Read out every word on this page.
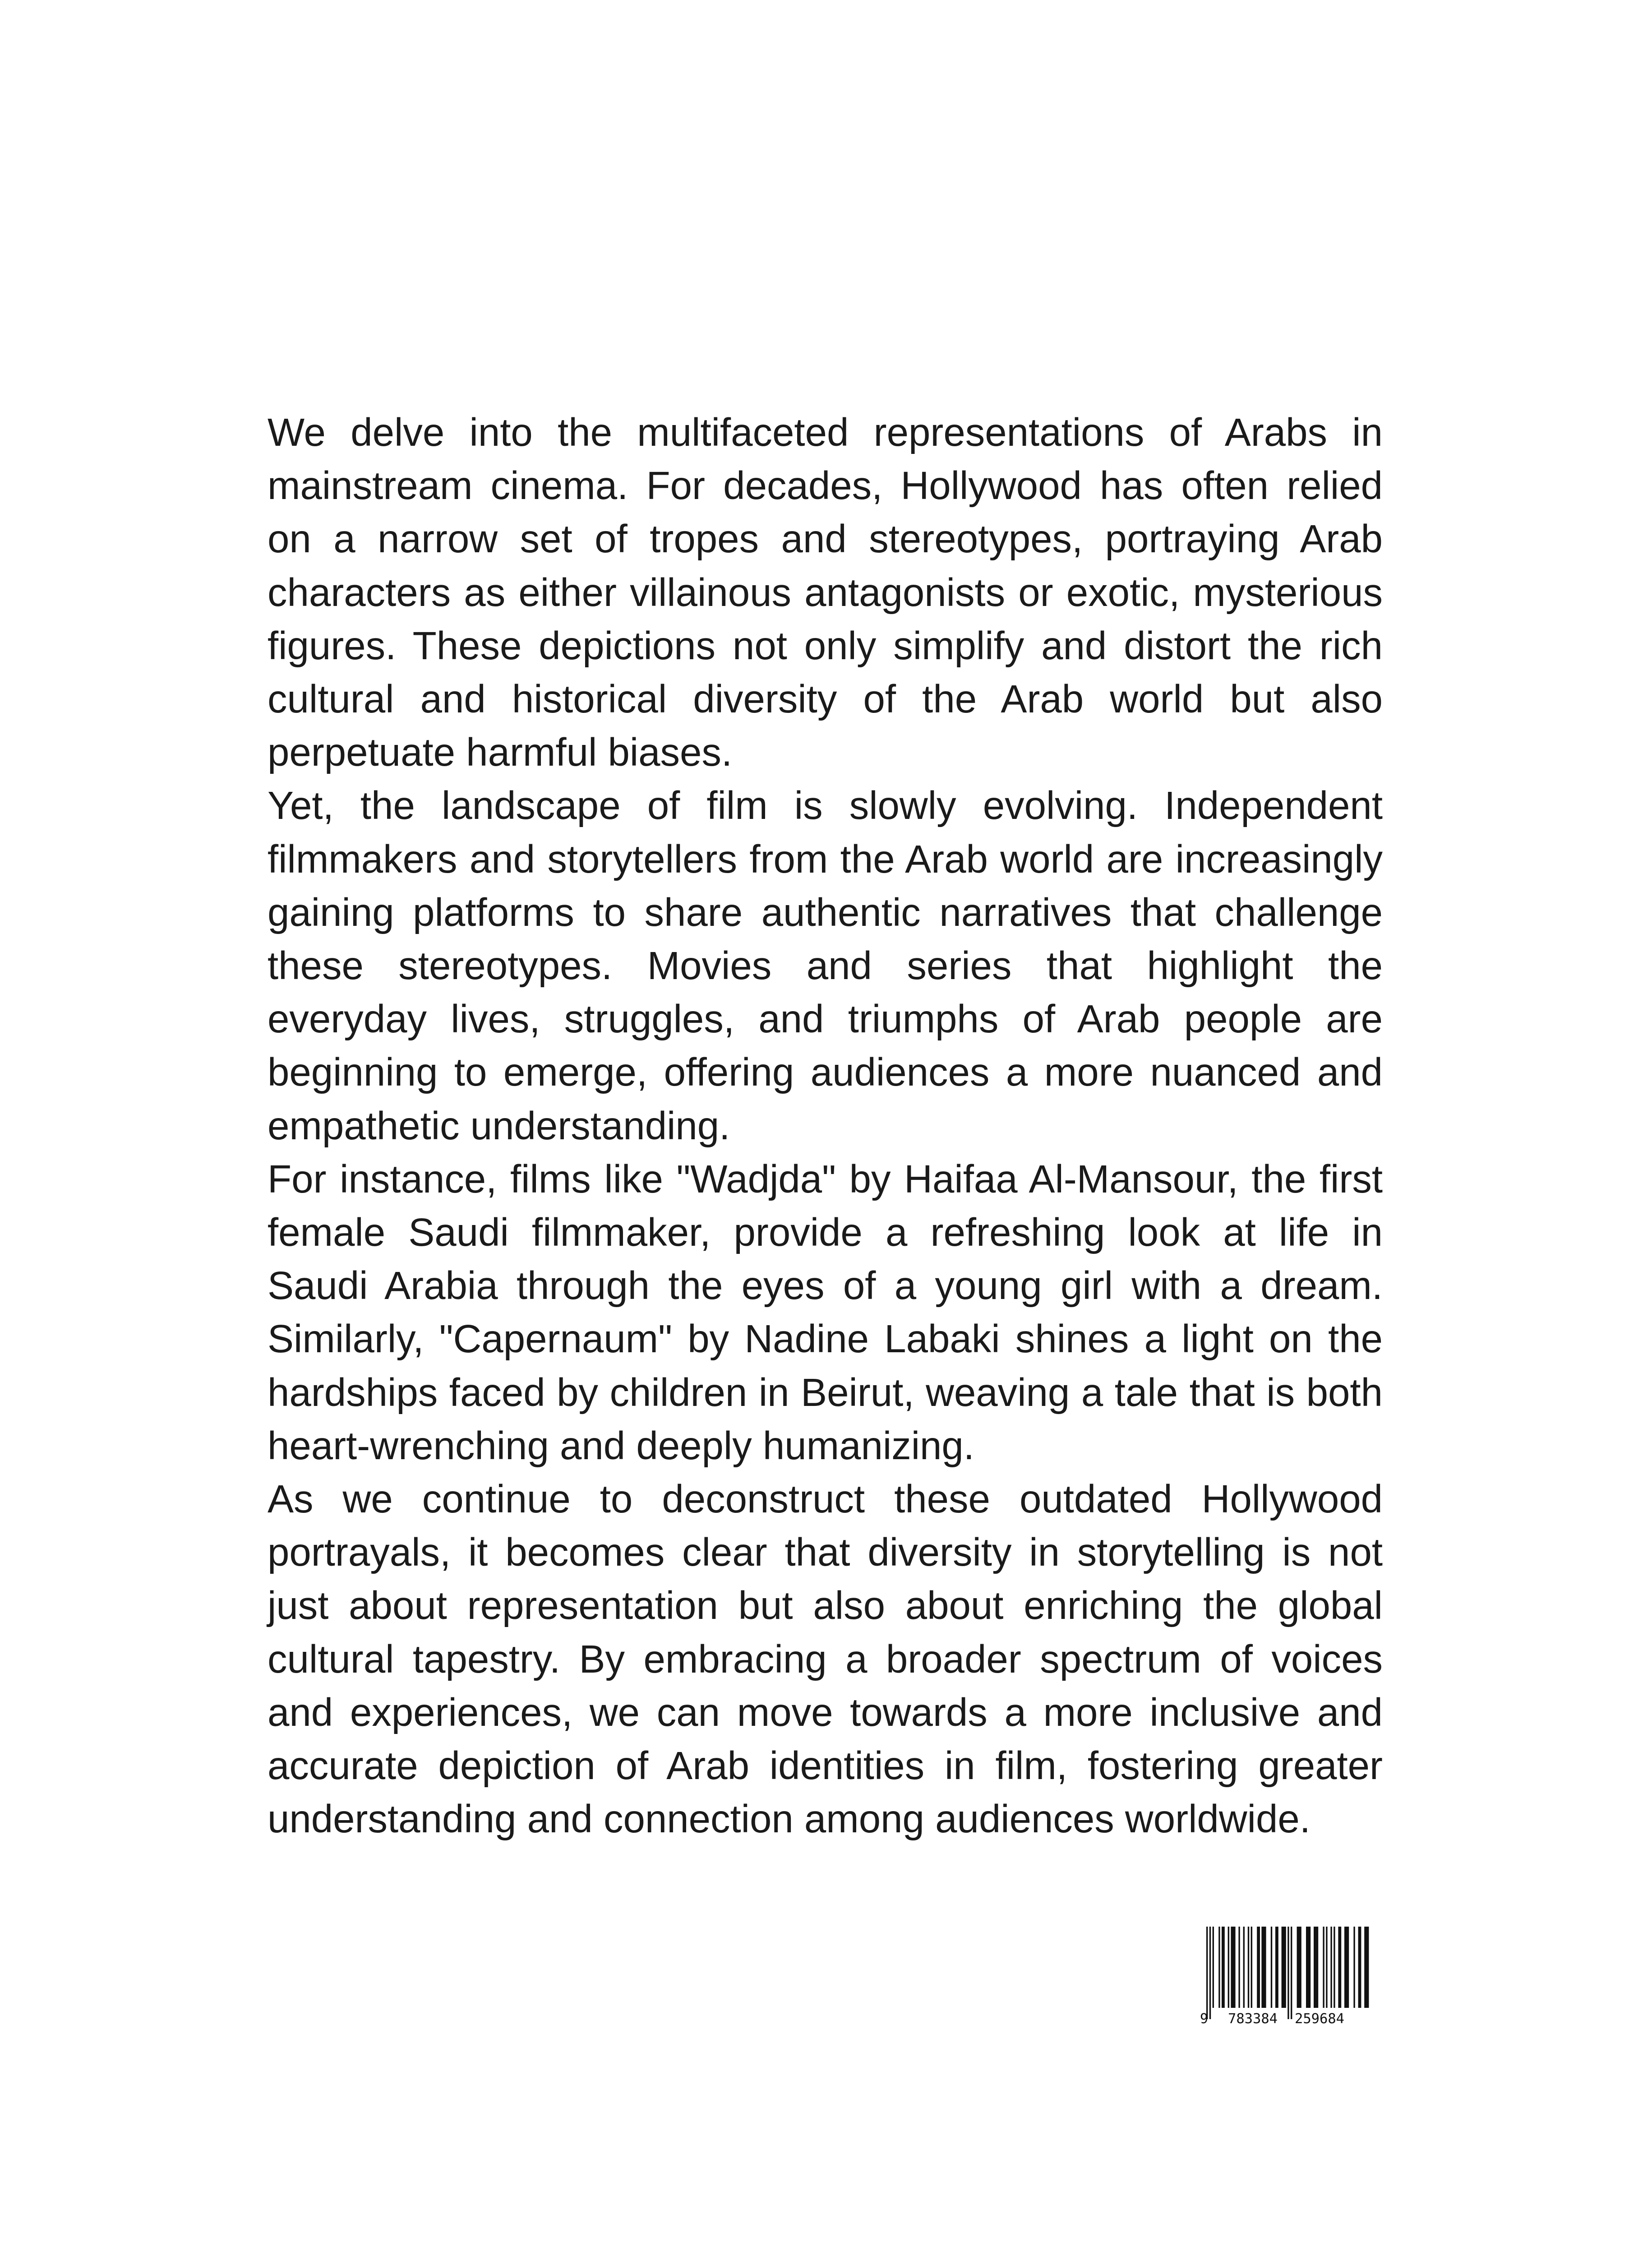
We delve into the multifaceted representations of Arabs in mainstream cinema. For decades, Hollywood has often relied on a narrow set of tropes and stereotypes, portraying Arab characters as either villainous antagonists or exotic, mysterious figures. These depictions not only simplify and distort the rich cultural and historical diversity of the Arab world but also perpetuate harmful biases.

Yet, the landscape of film is slowly evolving. Independent filmmakers and storytellers from the Arab world are increasingly gaining platforms to share authentic narratives that challenge these stereotypes. Movies and series that highlight the everyday lives, struggles, and triumphs of Arab people are beginning to emerge, offering audiences a more nuanced and empathetic understanding.

For instance, films like "Wadjda" by Haifaa Al-Mansour, the first female Saudi filmmaker, provide a refreshing look at life in Saudi Arabia through the eyes of a young girl with a dream. Similarly, "Capernaum" by Nadine Labaki shines a light on the hardships faced by children in Beirut, weaving a tale that is both heart-wrenching and deeply humanizing.

As we continue to deconstruct these outdated Hollywood portrayals, it becomes clear that diversity in storytelling is not just about representation but also about enriching the global cultural tapestry. By embracing a broader spectrum of voices and experiences, we can move towards a more inclusive and accurate depiction of Arab identities in film, fostering greater understanding and connection among audiences worldwide.

9 783384 259684
